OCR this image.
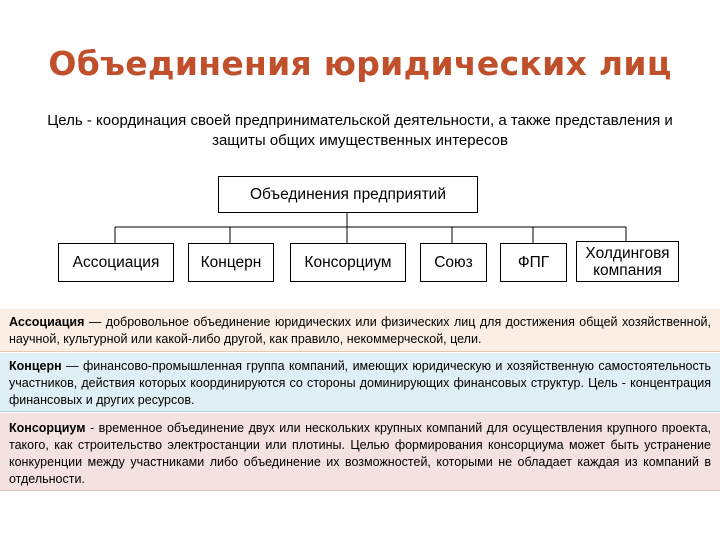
Объединения юридических лиц
Цель - координация своей предпринимательской деятельности, а также представления и защиты общих имущественных интересов
Объединения предприятий
Ассоциация	Концерн	Консорциум	Союз	ФПГ
Холдинговя компания
Ассоциация — добровольное объединение юридических или физических лиц для достижения общей хозяйственной, научной, культурной или какой-либо другой, как правило, некоммерческой, цели.
Концерн — финансово-промышленная группа компаний, имеющих юридическую и хозяйственную самостоятельность участников, действия которых координируются со стороны доминирующих финансовых структур. Цель - концентрация финансовых и других ресурсов.
Консорциум - временное объединение двух или нескольких крупных компаний для осуществления крупного проекта, такого, как строительство электростанции или плотины. Целью формирования консорциума может быть устранение конкуренции между участниками либо объединение их возможностей, которыми не обладает каждая из компаний в отдельности.
